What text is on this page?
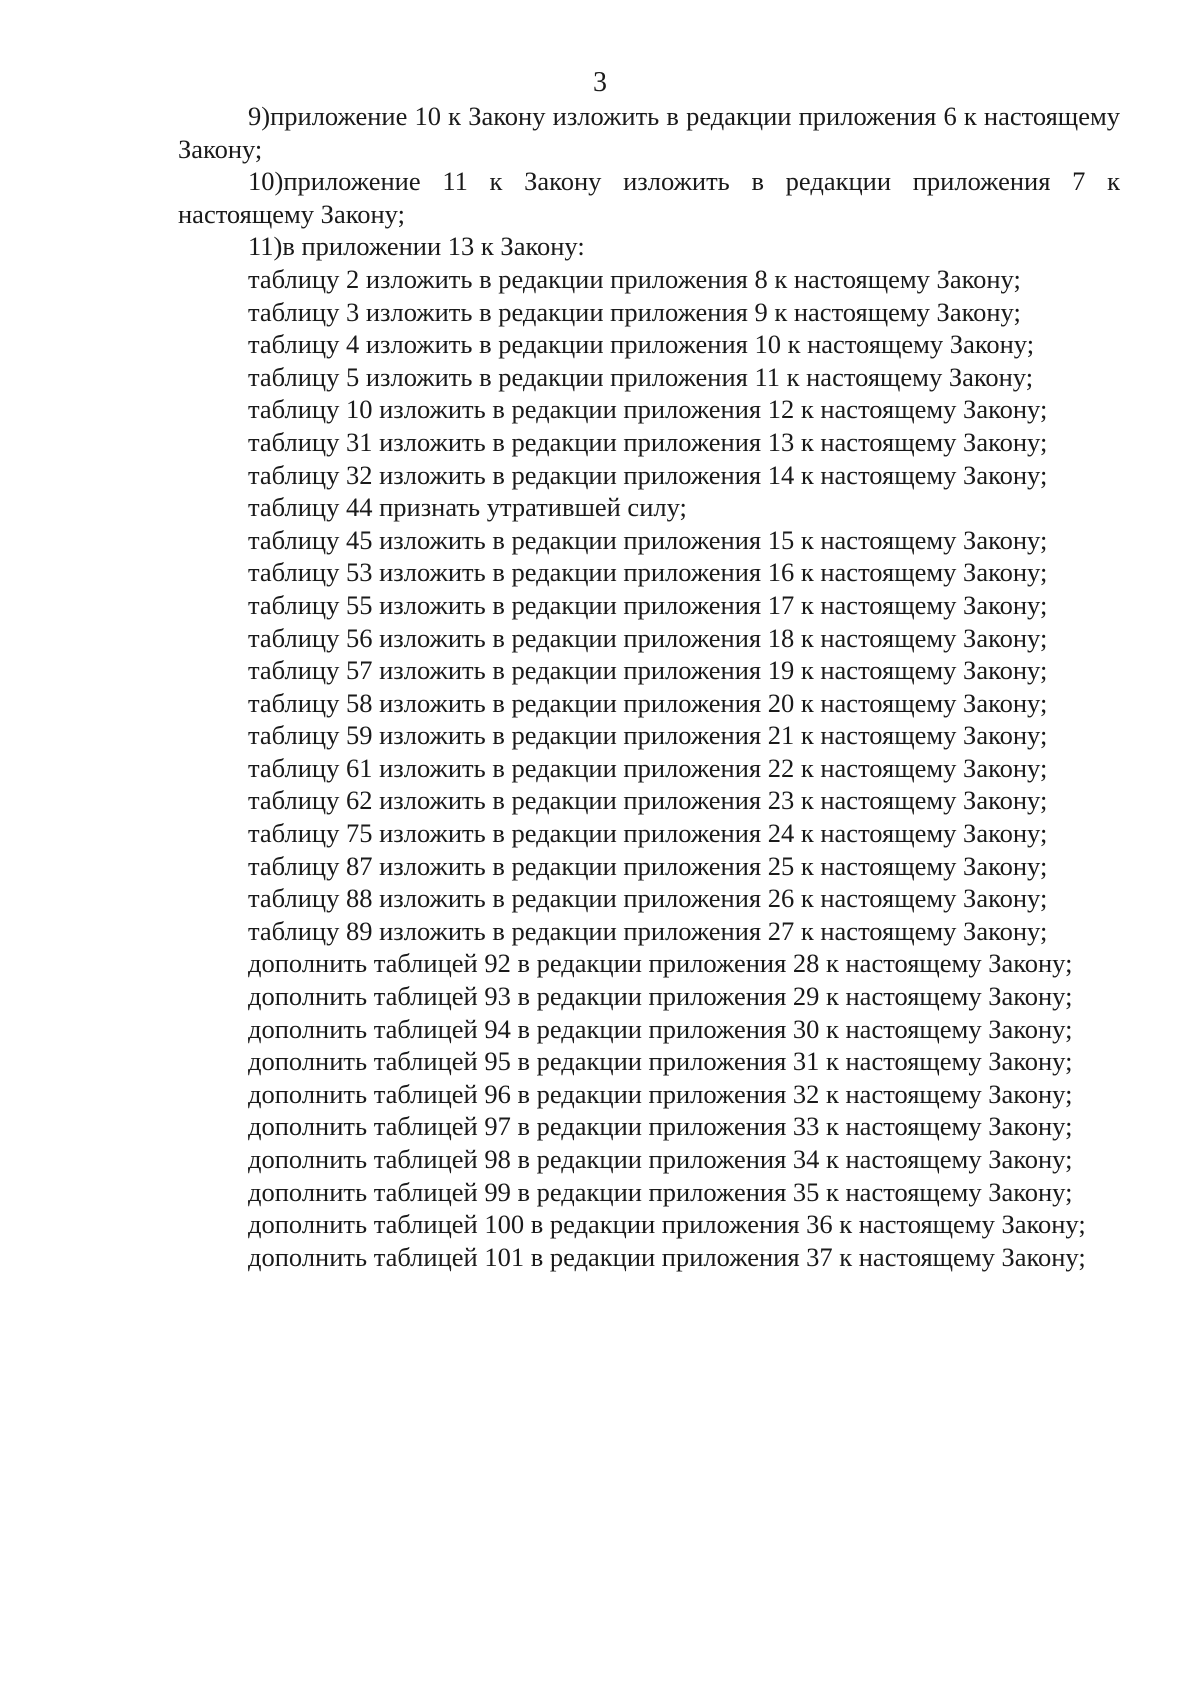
3

9)приложение 10 к Закону изложить в редакции приложения 6 к настоящему Закону;

10)приложение 11 к Закону изложить в редакции приложения 7 к настоящему Закону;

11)в приложении 13 к Закону:

таблицу 2 изложить в редакции приложения 8 к настоящему Закону;

таблицу 3 изложить в редакции приложения 9 к настоящему Закону;

таблицу 4 изложить в редакции приложения 10 к настоящему Закону;

таблицу 5 изложить в редакции приложения 11 к настоящему Закону;

таблицу 10 изложить в редакции приложения 12 к настоящему Закону;

таблицу 31 изложить в редакции приложения 13 к настоящему Закону;

таблицу 32 изложить в редакции приложения 14 к настоящему Закону;

таблицу 44 признать утратившей силу;

таблицу 45 изложить в редакции приложения 15 к настоящему Закону;

таблицу 53 изложить в редакции приложения 16 к настоящему Закону;

таблицу 55 изложить в редакции приложения 17 к настоящему Закону;

таблицу 56 изложить в редакции приложения 18 к настоящему Закону;

таблицу 57 изложить в редакции приложения 19 к настоящему Закону;

таблицу 58 изложить в редакции приложения 20 к настоящему Закону;

таблицу 59 изложить в редакции приложения 21 к настоящему Закону;

таблицу 61 изложить в редакции приложения 22 к настоящему Закону;

таблицу 62 изложить в редакции приложения 23 к настоящему Закону;

таблицу 75 изложить в редакции приложения 24 к настоящему Закону;

таблицу 87 изложить в редакции приложения 25 к настоящему Закону;

таблицу 88 изложить в редакции приложения 26 к настоящему Закону;

таблицу 89 изложить в редакции приложения 27 к настоящему Закону;

дополнить таблицей 92 в редакции приложения 28 к настоящему Закону;

дополнить таблицей 93 в редакции приложения 29 к настоящему Закону;

дополнить таблицей 94 в редакции приложения 30 к настоящему Закону;

дополнить таблицей 95 в редакции приложения 31 к настоящему Закону;

дополнить таблицей 96 в редакции приложения 32 к настоящему Закону;

дополнить таблицей 97 в редакции приложения 33 к настоящему Закону;

дополнить таблицей 98 в редакции приложения 34 к настоящему Закону;

дополнить таблицей 99 в редакции приложения 35 к настоящему Закону;

дополнить таблицей 100 в редакции приложения 36 к настоящему Закону;

дополнить таблицей 101 в редакции приложения 37 к настоящему Закону;
